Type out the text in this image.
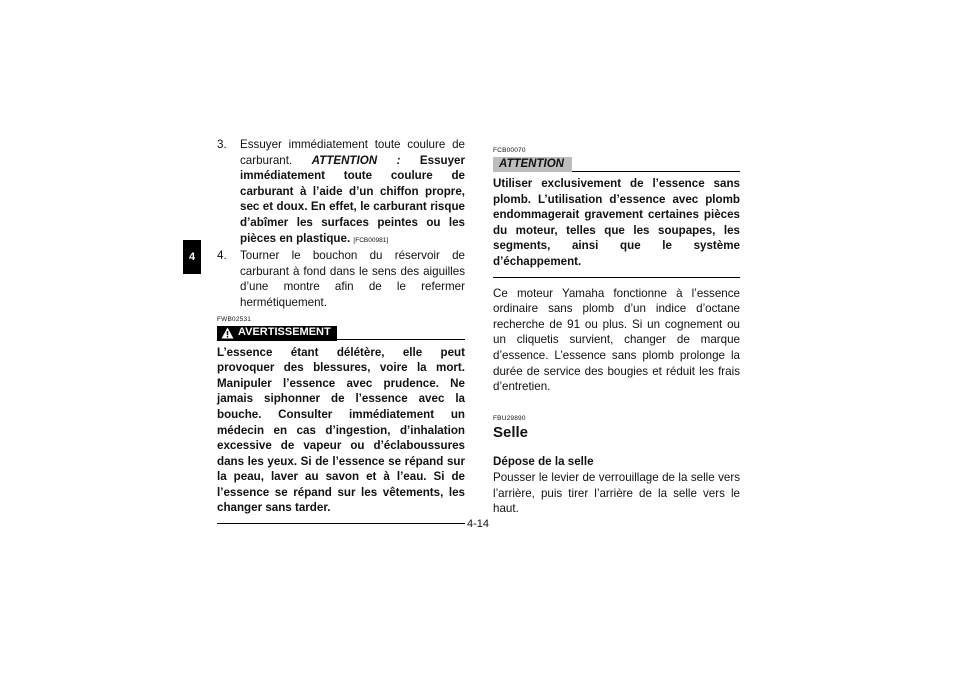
4
3. Essuyer immédiatement toute coulure de carburant. ATTENTION : Essuyer immédiatement toute coulure de carburant à l’aide d’un chiffon propre, sec et doux. En effet, le carburant risque d’abîmer les surfaces peintes ou les pièces en plastique. [FCB00981]
4. Tourner le bouchon du réservoir de carburant à fond dans le sens des aiguilles d’une montre afin de le refermer hermétiquement.
FWB02531
AVERTISSEMENT
L’essence étant délétère, elle peut provoquer des blessures, voire la mort. Manipuler l’essence avec prudence. Ne jamais siphonner de l’essence avec la bouche. Consulter immédiatement un médecin en cas d’ingestion, d’inhalation excessive de vapeur ou d’éclaboussures dans les yeux. Si de l’essence se répand sur la peau, laver au savon et à l’eau. Si de l’essence se répand sur les vêtements, les changer sans tarder.
FCB00070
ATTENTION
Utiliser exclusivement de l’essence sans plomb. L’utilisation d’essence avec plomb endommagerait gravement certaines pièces du moteur, telles que les soupapes, les segments, ainsi que le système d’échappement.
Ce moteur Yamaha fonctionne à l’essence ordinaire sans plomb d’un indice d’octane recherche de 91 ou plus. Si un cognement ou un cliquetis survient, changer de marque d’essence. L’essence sans plomb prolonge la durée de service des bougies et réduit les frais d’entretien.
FBU29890
Selle
Dépose de la selle
Pousser le levier de verrouillage de la selle vers l’arrière, puis tirer l’arrière de la selle vers le haut.
4-14
